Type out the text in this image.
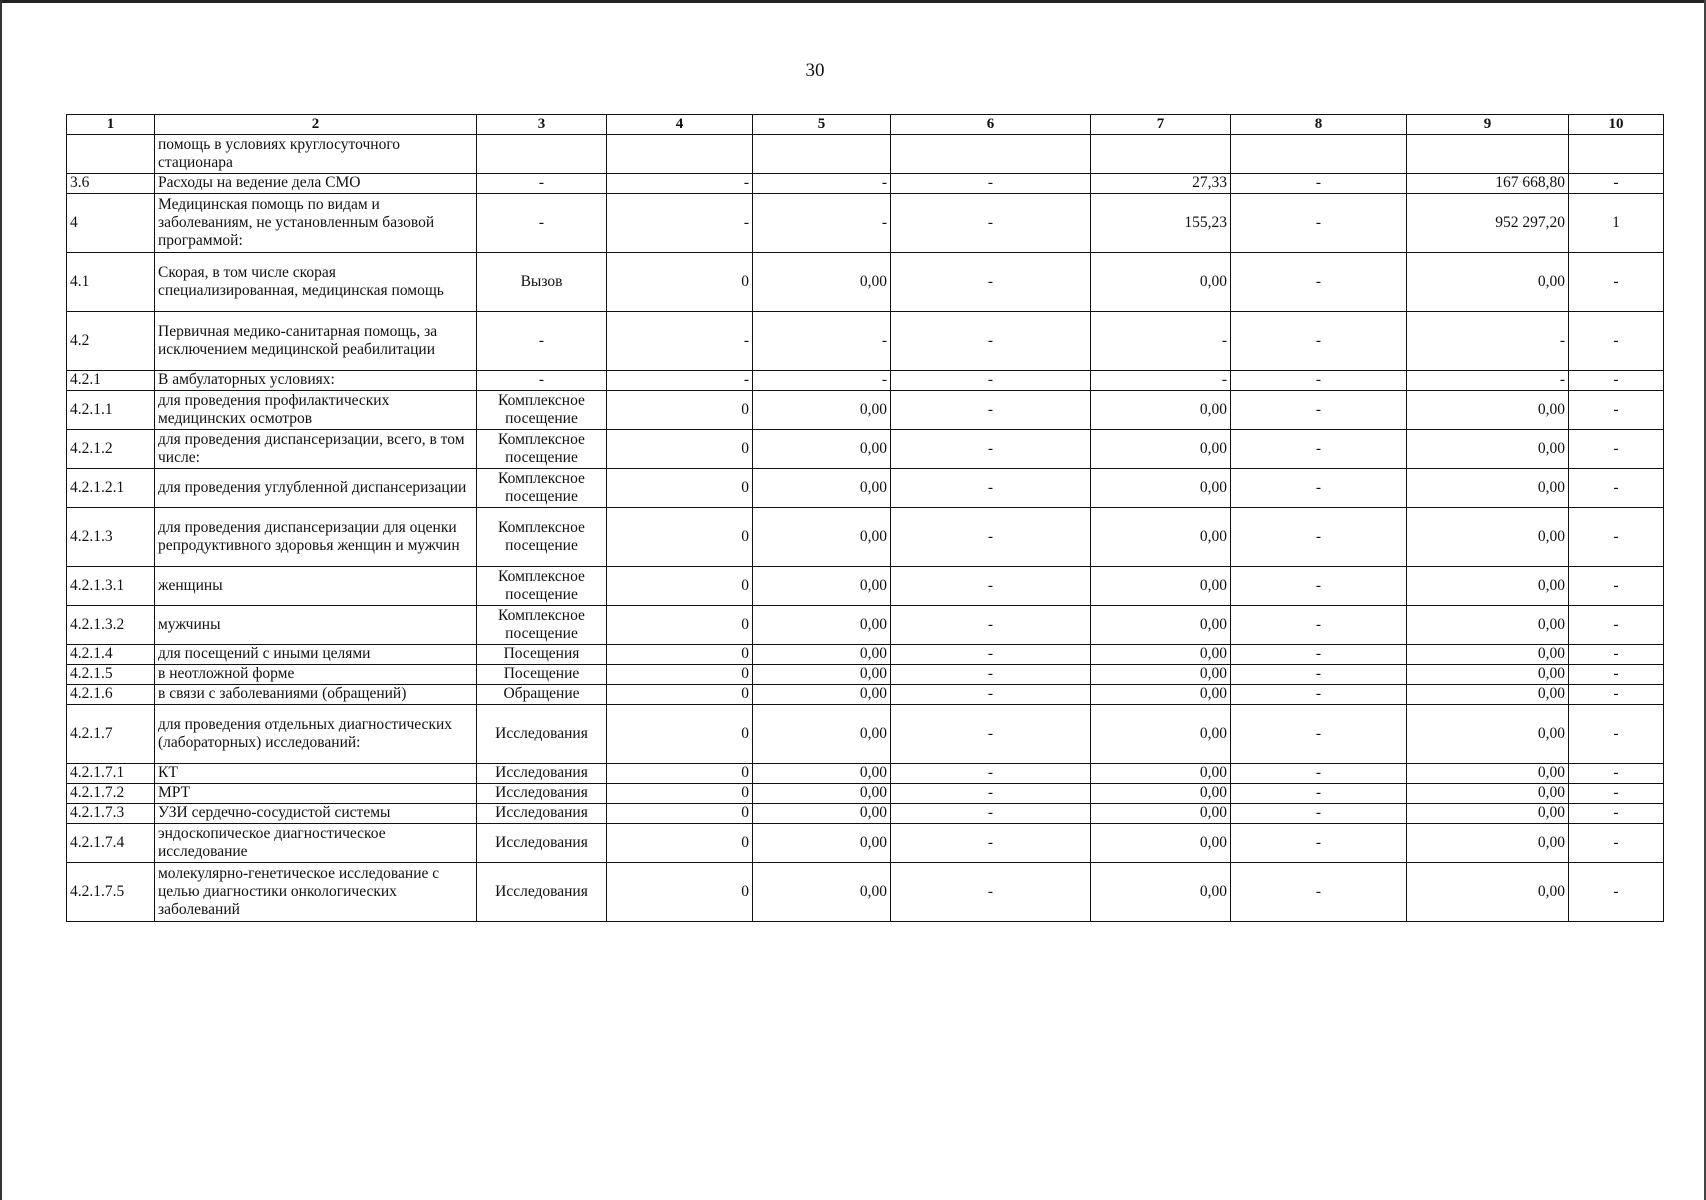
30
1	2	3	4	5	6	7	8	9	10
	помощь в условиях круглосуточного стационара								
3.6	Расходы на ведение дела СМО	-	-	-	-	27,33	-	167 668,80	-
4	Медицинская помощь по видам и заболеваниям, не установленным базовой программой:	-	-	-	-	155,23	-	952 297,20	1
4.1	Скорая, в том числе скорая специализированная, медицинская помощь	Вызов	0	0,00	-	0,00	-	0,00	-
4.2	Первичная медико-санитарная помощь, за исключением медицинской реабилитации	-	-	-	-	-	-	-	-
4.2.1	В амбулаторных условиях:	-	-	-	-	-	-	-	-
4.2.1.1	для проведения профилактических медицинских осмотров	Комплексное посещение	0	0,00	-	0,00	-	0,00	-
4.2.1.2	для проведения диспансеризации, всего, в том числе:	Комплексное посещение	0	0,00	-	0,00	-	0,00	-
4.2.1.2.1	для проведения углубленной диспансеризации	Комплексное посещение	0	0,00	-	0,00	-	0,00	-
4.2.1.3	для проведения диспансеризации для оценки репродуктивного здоровья женщин и мужчин	Комплексное посещение	0	0,00	-	0,00	-	0,00	-
4.2.1.3.1	женщины	Комплексное посещение	0	0,00	-	0,00	-	0,00	-
4.2.1.3.2	мужчины	Комплексное посещение	0	0,00	-	0,00	-	0,00	-
4.2.1.4	для посещений с иными целями	Посещения	0	0,00	-	0,00	-	0,00	-
4.2.1.5	в неотложной форме	Посещение	0	0,00	-	0,00	-	0,00	-
4.2.1.6	в связи с заболеваниями (обращений)	Обращение	0	0,00	-	0,00	-	0,00	-
4.2.1.7	для проведения отдельных диагностических (лабораторных) исследований:	Исследования	0	0,00	-	0,00	-	0,00	-
4.2.1.7.1	КТ	Исследования	0	0,00	-	0,00	-	0,00	-
4.2.1.7.2	МРТ	Исследования	0	0,00	-	0,00	-	0,00	-
4.2.1.7.3	УЗИ сердечно-сосудистой системы	Исследования	0	0,00	-	0,00	-	0,00	-
4.2.1.7.4	эндоскопическое диагностическое исследование	Исследования	0	0,00	-	0,00	-	0,00	-
4.2.1.7.5	молекулярно-генетическое исследование с целью диагностики онкологических заболеваний	Исследования	0	0,00	-	0,00	-	0,00	-
